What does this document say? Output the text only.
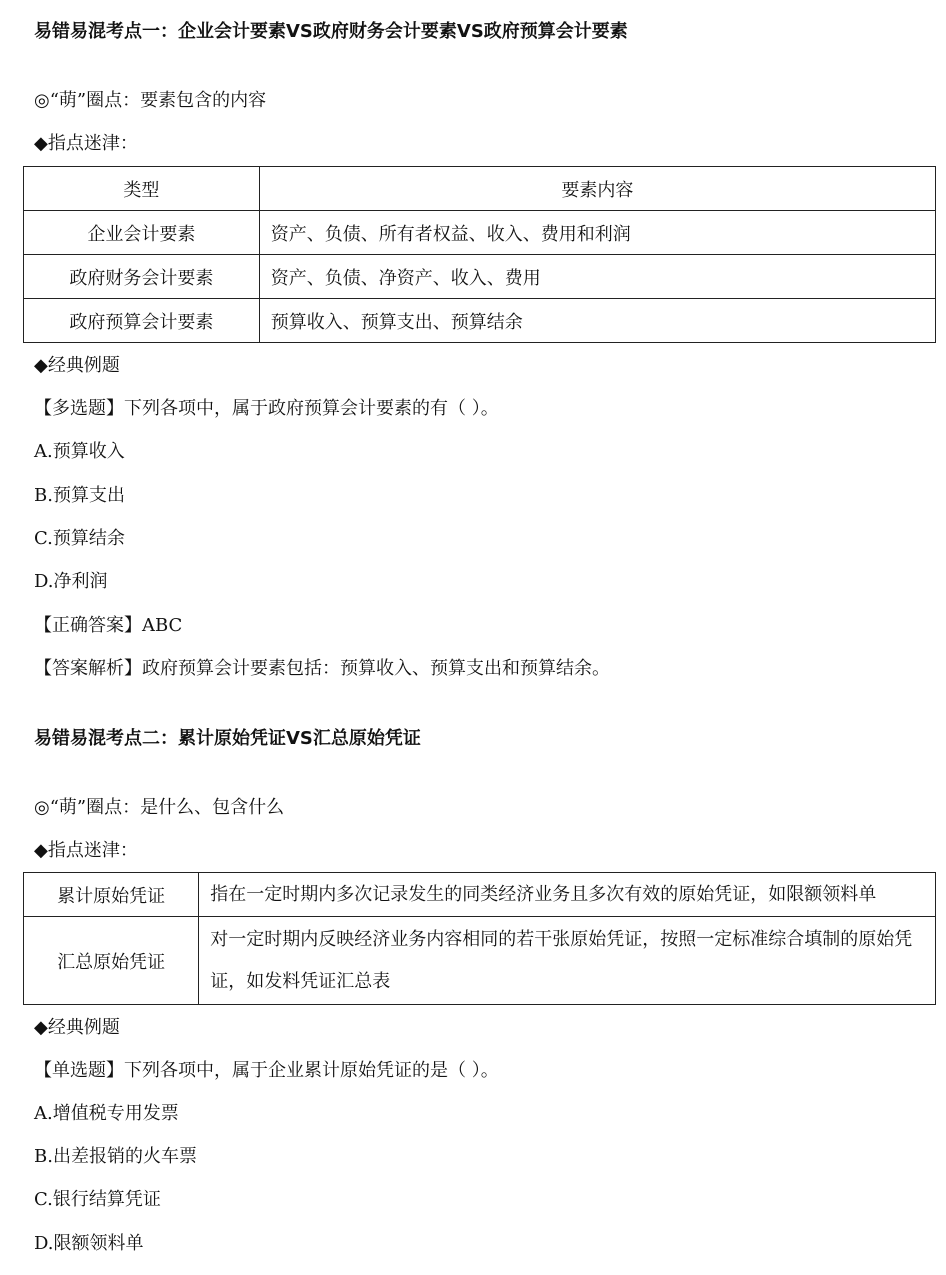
易错易混考点一：企业会计要素VS政府财务会计要素VS政府预算会计要素
◎“萌”圈点：要素包含的内容
◆指点迷津：
类型	要素内容
企业会计要素	资产、负债、所有者权益、收入、费用和利润
政府财务会计要素	资产、负债、净资产、收入、费用
政府预算会计要素	预算收入、预算支出、预算结余
◆经典例题
【多选题】下列各项中，属于政府预算会计要素的有（ ）。
A.预算收入
B.预算支出
C.预算结余
D.净利润
【正确答案】ABC
【答案解析】政府预算会计要素包括：预算收入、预算支出和预算结余。
易错易混考点二：累计原始凭证VS汇总原始凭证
◎“萌”圈点：是什么、包含什么
◆指点迷津：
累计原始凭证	指在一定时期内多次记录发生的同类经济业务且多次有效的原始凭证，如限额领料单
汇总原始凭证	对一定时期内反映经济业务内容相同的若干张原始凭证，按照一定标准综合填制的原始凭证，如发料凭证汇总表
◆经典例题
【单选题】下列各项中，属于企业累计原始凭证的是（ ）。
A.增值税专用发票
B.出差报销的火车票
C.银行结算凭证
D.限额领料单
